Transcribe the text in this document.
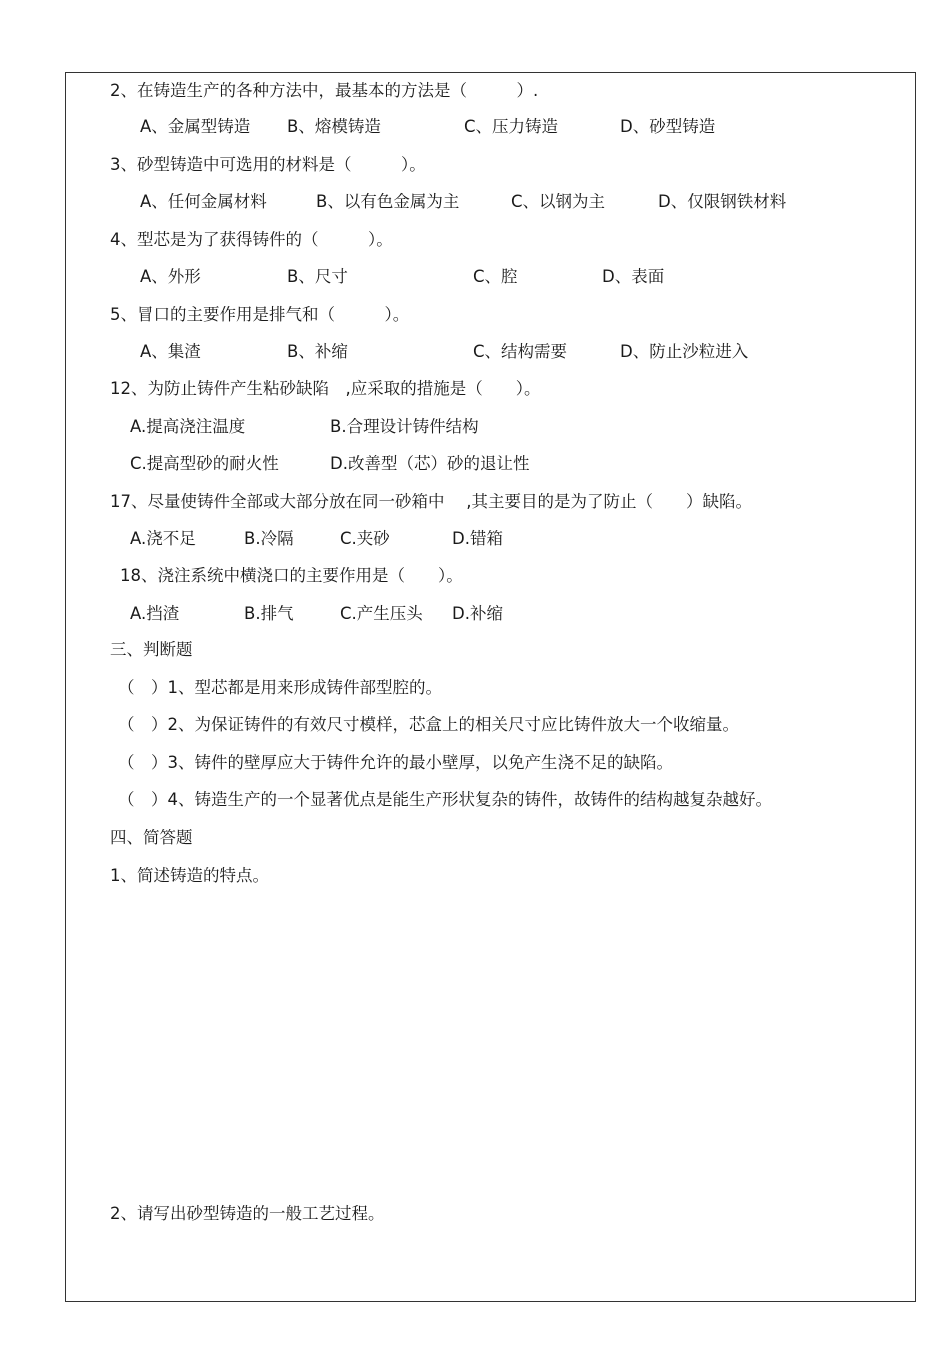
2、在铸造生产的各种方法中，最基本的方法是（　　　）.
A、金属型铸造 B、熔模铸造	C、压力铸造	D、砂型铸造
3、砂型铸造中可选用的材料是（　　　）。
A、任何金属材料	B、以有色金属为主	C、以钢为主	D、仅限钢铁材料
4、型芯是为了获得铸件的（　　　）。
A、外形	B、尺寸	C、腔	D、表面
5、冒口的主要作用是排气和（　　　）。
A、集渣	B、补缩	C、结构需要	D、防止沙粒进入
12、为防止铸件产生粘砂缺陷　,应采取的措施是（　　）。
A.提高浇注温度	B.合理设计铸件结构
C.提高型砂的耐火性	D.改善型（芯）砂的退让性
17、尽量使铸件全部或大部分放在同一砂箱中　 ,其主要目的是为了防止（　　）缺陷。
A.浇不足	B.冷隔	C.夹砂	D.错箱
18、浇注系统中横浇口的主要作用是（　　）。
A.挡渣	B.排气	C.产生压头 D.补缩
三、判断题
（　）1、型芯都是用来形成铸件部型腔的。
（　）2、为保证铸件的有效尺寸模样，芯盒上的相关尺寸应比铸件放大一个收缩量。
（　）3、铸件的壁厚应大于铸件允许的最小壁厚，以免产生浇不足的缺陷。
（　）4、铸造生产的一个显著优点是能生产形状复杂的铸件，故铸件的结构越复杂越好。
四、简答题
1、简述铸造的特点。
2、请写出砂型铸造的一般工艺过程。
